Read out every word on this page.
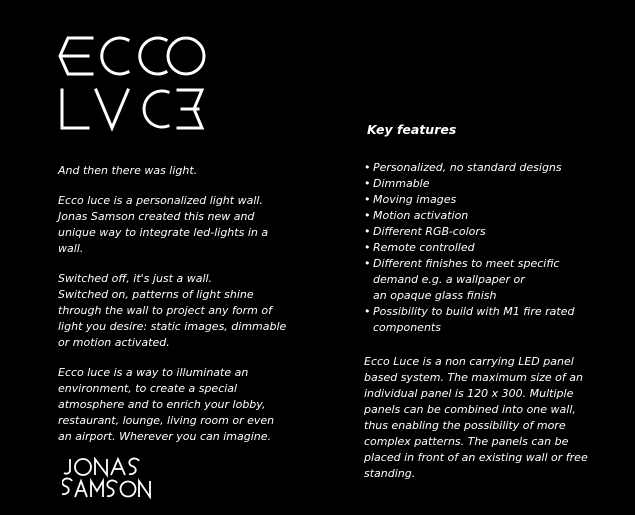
And then there was light.

Ecco luce is a personalized light wall.
Jonas Samson created this new and
unique way to integrate led-lights in a
wall.

Switched off, it's just a wall.
Switched on, patterns of light shine
through the wall to project any form of
light you desire: static images, dimmable
or motion activated.

Ecco luce is a way to illuminate an
environment, to create a special
atmosphere and to enrich your lobby,
restaurant, lounge, living room or even
an airport. Wherever you can imagine.

Key features
• Personalized, no standard designs
• Dimmable
• Moving images
• Motion activation
• Different RGB-colors
• Remote controlled
• Different finishes to meet specific
demand e.g. a wallpaper or
an opaque glass finish
• Possibility to build with M1 fire rated
components

Ecco Luce is a non carrying LED panel
based system. The maximum size of an
individual panel is 120 x 300. Multiple
panels can be combined into one wall,
thus enabling the possibility of more
complex patterns. The panels can be
placed in front of an existing wall or free
standing.
